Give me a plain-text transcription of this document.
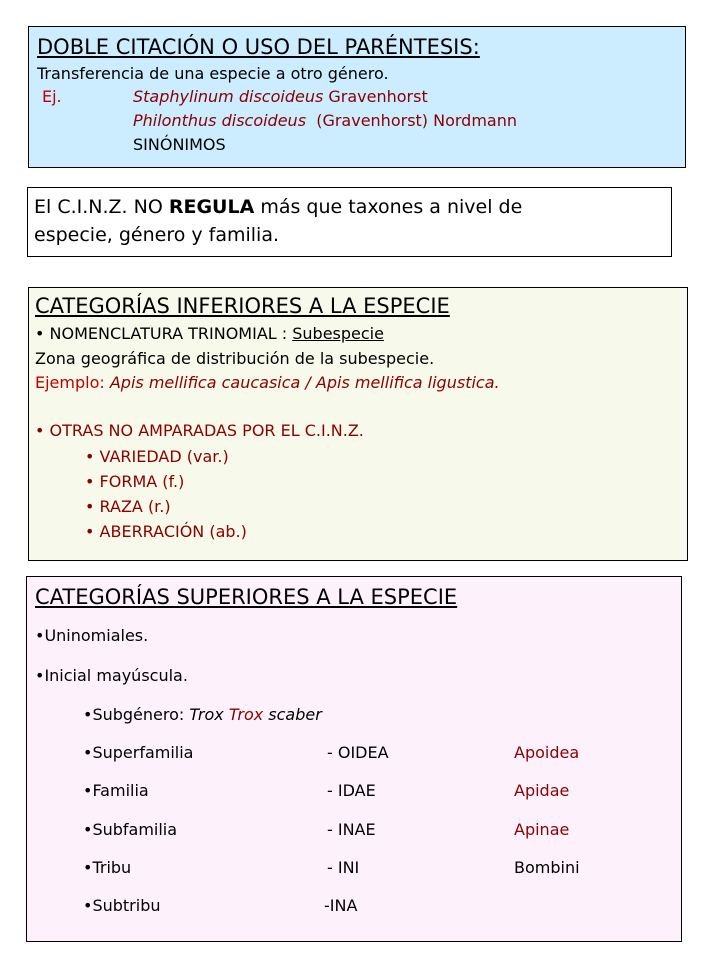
DOBLE CITACIÓN O USO DEL PARÉNTESIS:
Transferencia de una especie a otro género.
Ej.	Staphylinum discoideus Gravenhorst
Philonthus discoideus (Gravenhorst) Nordmann
SINÓNIMOS
El C.I.N.Z. NO REGULA más que taxones a nivel de
especie, género y familia.
CATEGORÍAS INFERIORES A LA ESPECIE
• NOMENCLATURA TRINOMIAL : Subespecie
Zona geográfica de distribución de la subespecie.
Ejemplo: Apis mellifica caucasica / Apis mellifica ligustica.
• OTRAS NO AMPARADAS POR EL C.I.N.Z.
• VARIEDAD (var.)
• FORMA (f.)
• RAZA (r.)
• ABERRACIÓN (ab.)
CATEGORÍAS SUPERIORES A LA ESPECIE
•Uninomiales.
•Inicial mayúscula.
•Subgénero: Trox Trox scaber
•Superfamilia	- OIDEA	Apoidea
•Familia	- IDAE	Apidae
•Subfamilia	- INAE	Apinae
•Tribu	- INI	Bombini
•Subtribu	-INA
